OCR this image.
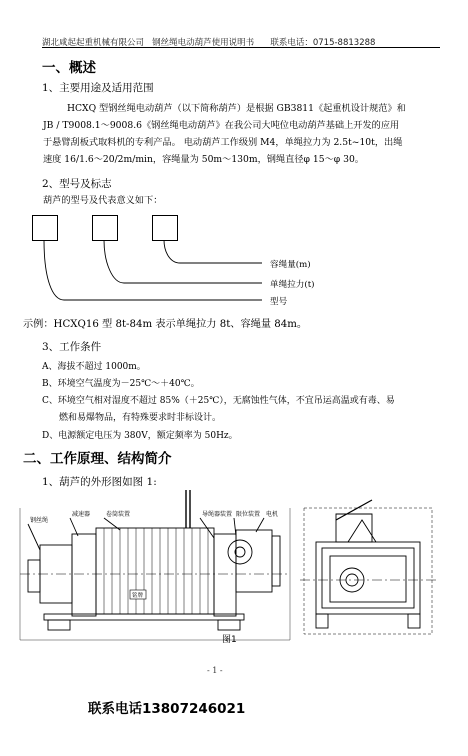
湖北咸起起重机械有限公司 钢丝绳电动葫芦使用说明书 联系电话：0715-8813288
一、概述
1、主要用途及适用范围
HCXQ 型钢丝绳电动葫芦（以下简称葫芦）是根据 GB3811《起重机设计规范》和
JB / T9008.1～9008.6《钢丝绳电动葫芦》在我公司大吨位电动葫芦基础上开发的应用
于悬臂刮板式取料机的专利产品。 电动葫芦工作级别 M4，单绳拉力为 2.5t~10t，出绳
速度 16/1.6～20/2m/min，容绳量为 50m～130m，钢绳直径φ 15～φ 30。
2、型号及标志
葫芦的型号及代表意义如下：
容绳量(m)
单绳拉力(t)
型号
示例：HCXQ16 型 8t-84m 表示单绳拉力 8t、容绳量 84m。
3、工作条件
A、海拔不超过 1000m。
B、环境空气温度为－25℃～＋40℃。
C、环境空气相对湿度不超过 85%（＋25℃），无腐蚀性气体，不宜吊运高温或有毒、易
燃和易爆物品，有特殊要求时非标设计。
D、电源额定电压为 380V，额定频率为 50Hz。
二、工作原理、结构简介
1、葫芦的外形图如图 1:
钢丝绳
减速器	卷筒装置	导绳器装置 限位装置 电机
铭牌
图1
- 1 -
联系电话13807246021
